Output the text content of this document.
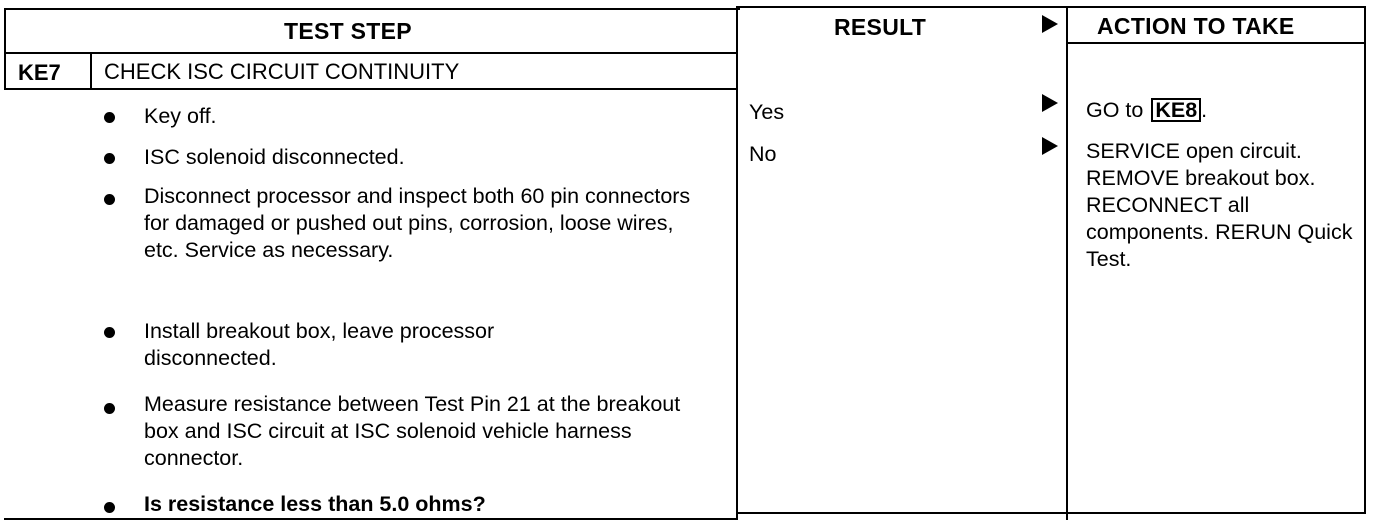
TEST STEP	RESULT	ACTION TO TAKE
KE7 CHECK ISC CIRCUIT CONTINUITY
Key off.
ISC solenoid disconnected.
Disconnect processor and inspect both 60 pin connectors for damaged or pushed out pins, corrosion, loose wires, etc. Service as necessary.
Install breakout box, leave processor disconnected.
Measure resistance between Test Pin 21 at the breakout box and ISC circuit at ISC solenoid vehicle harness connector.
Is resistance less than 5.0 ohms?
Yes
No
GO to KE8 .
SERVICE open circuit. REMOVE breakout box. RECONNECT all components. RERUN Quick Test.
